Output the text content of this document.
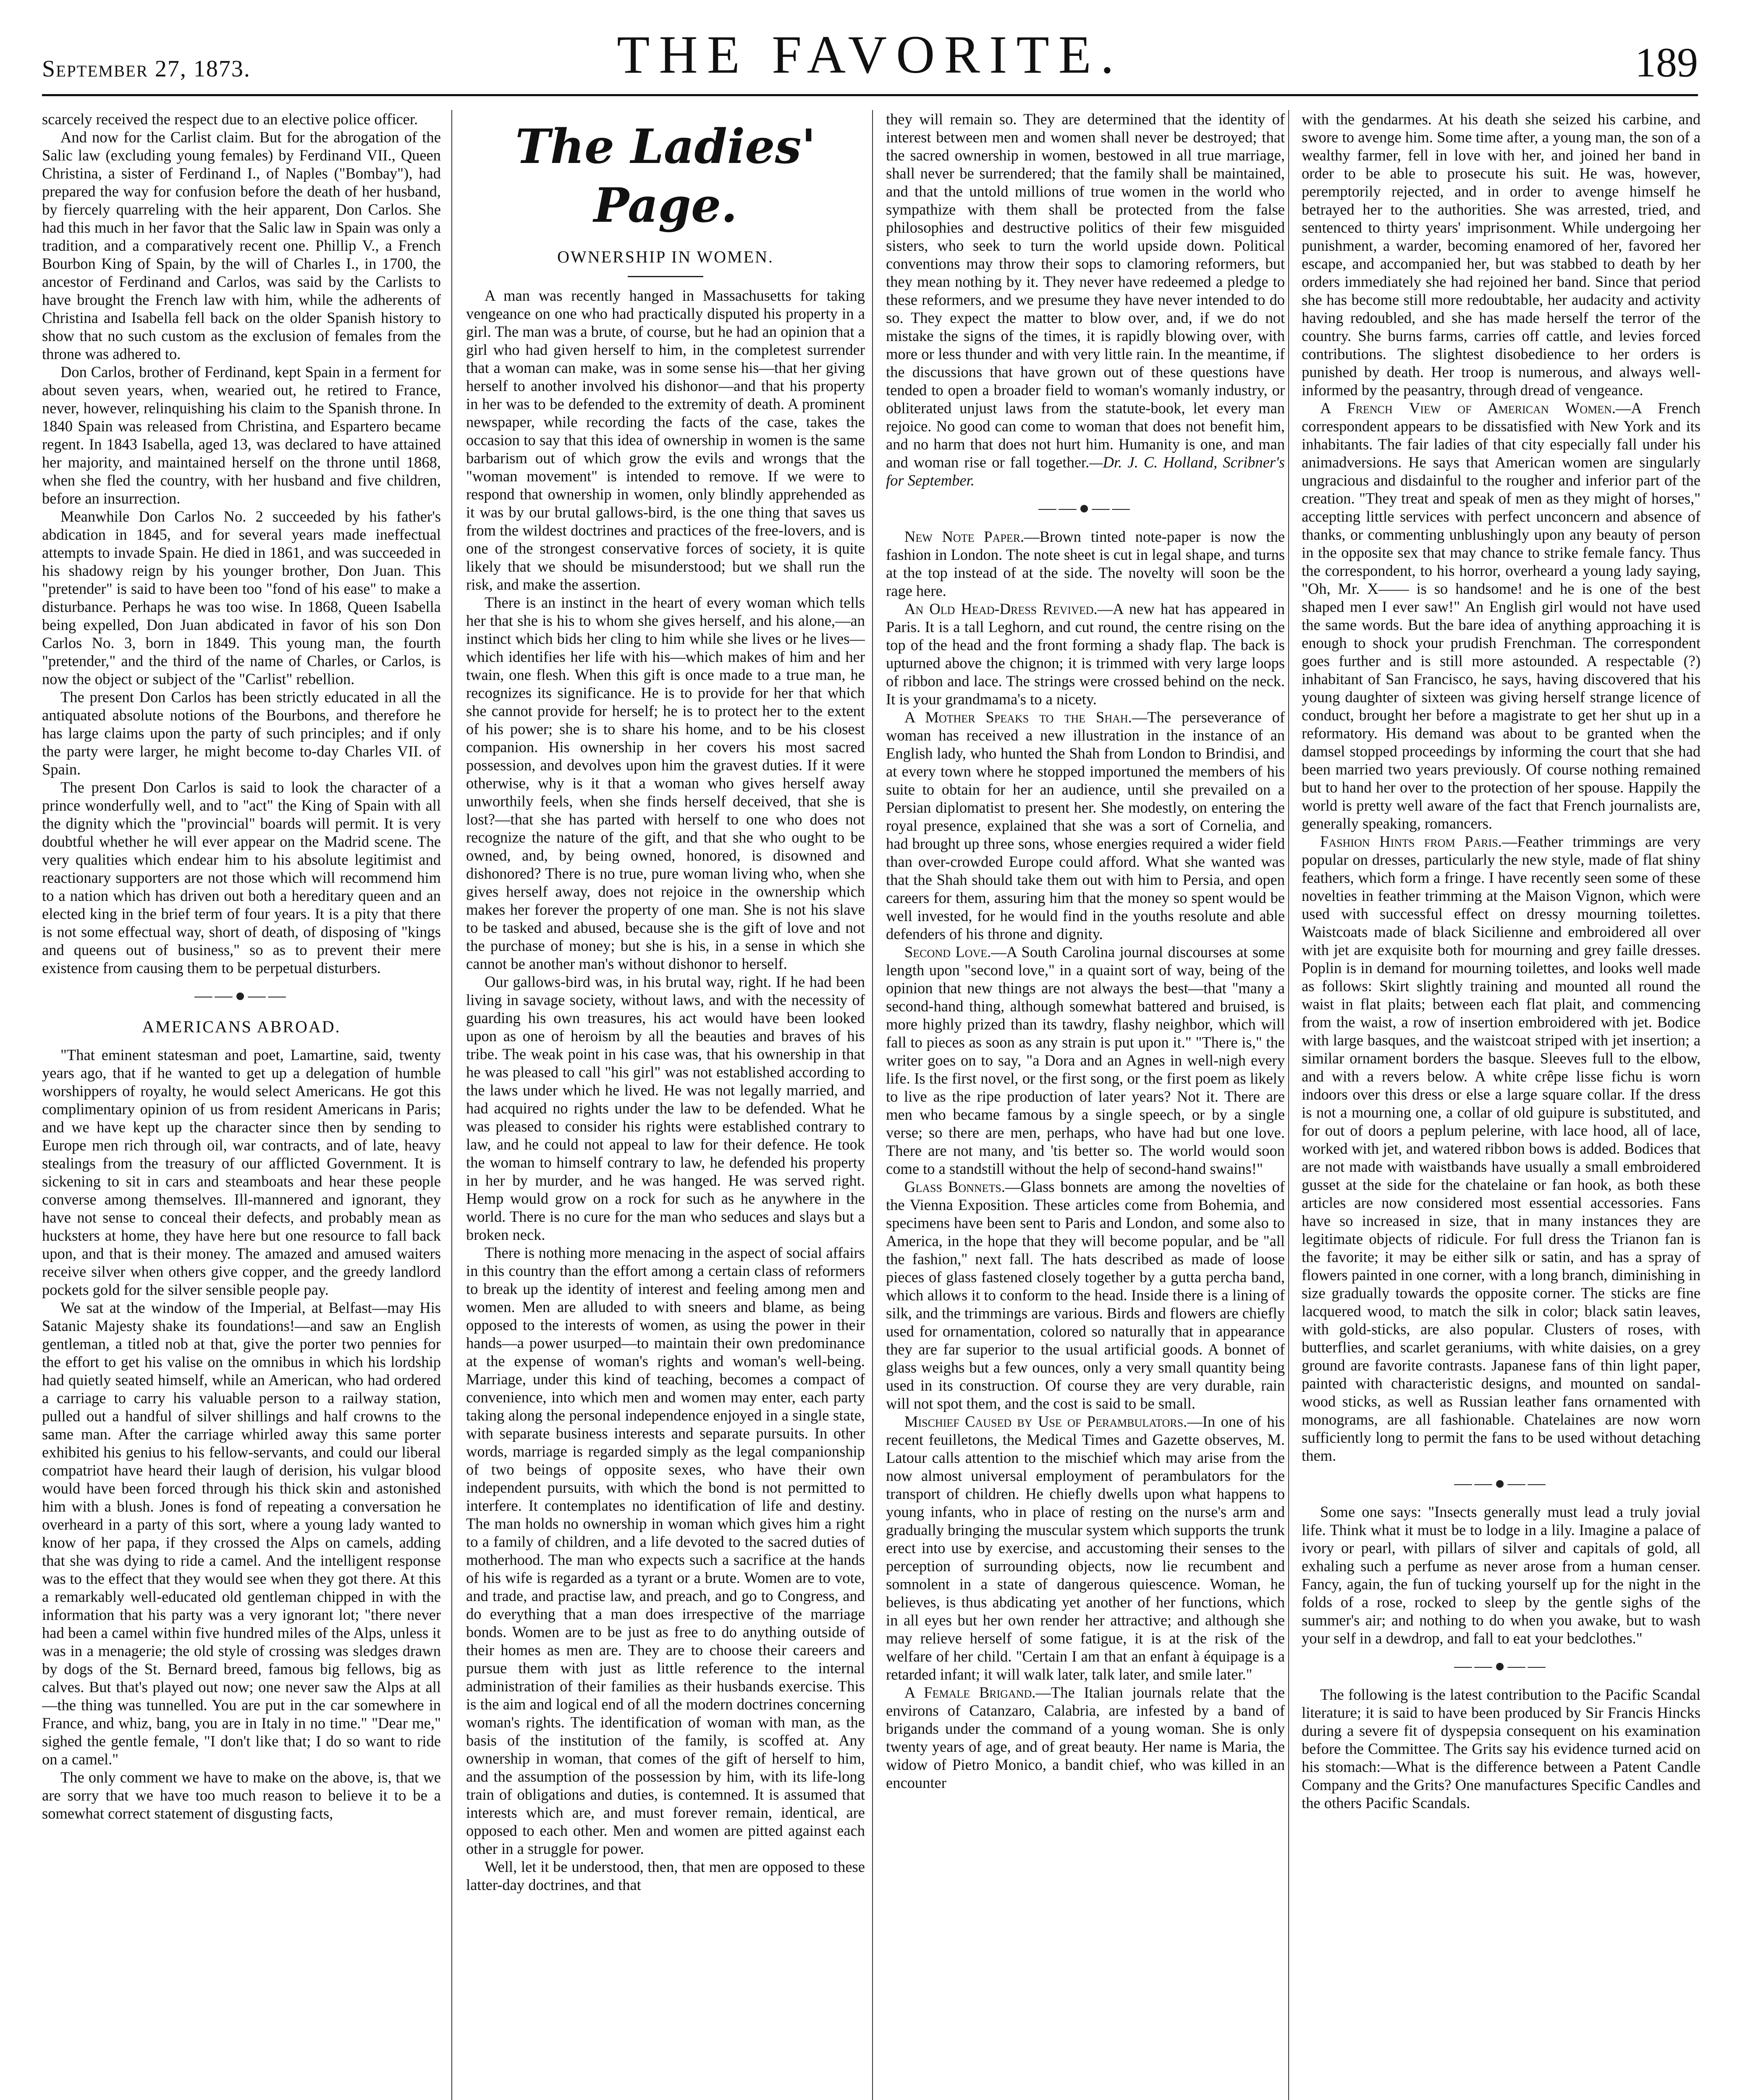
September 27, 1873.	THE FAVORITE.	189

scarcely received the respect due to an elective police officer.

And now for the Carlist claim. But for the abrogation of the Salic law (excluding young females) by Ferdinand VII., Queen Christina, a sister of Ferdinand I., of Naples ("Bombay"), had prepared the way for confusion before the death of her husband, by fiercely quarreling with the heir apparent, Don Carlos. She had this much in her favor that the Salic law in Spain was only a tradition, and a comparatively recent one. Phillip V., a French Bourbon King of Spain, by the will of Charles I., in 1700, the ancestor of Ferdinand and Carlos, was said by the Carlists to have brought the French law with him, while the adherents of Christina and Isabella fell back on the older Spanish history to show that no such custom as the exclusion of females from the throne was adhered to.

Don Carlos, brother of Ferdinand, kept Spain in a ferment for about seven years, when, wearied out, he retired to France, never, however, relinquishing his claim to the Spanish throne. In 1840 Spain was released from Christina, and Espartero became regent. In 1843 Isabella, aged 13, was declared to have attained her majority, and maintained herself on the throne until 1868, when she fled the country, with her husband and five children, before an insurrection.

Meanwhile Don Carlos No. 2 succeeded by his father's abdication in 1845, and for several years made ineffectual attempts to invade Spain. He died in 1861, and was succeeded in his shadowy reign by his younger brother, Don Juan. This "pretender" is said to have been too "fond of his ease" to make a disturbance. Perhaps he was too wise. In 1868, Queen Isabella being expelled, Don Juan abdicated in favor of his son Don Carlos No. 3, born in 1849. This young man, the fourth "pretender," and the third of the name of Charles, or Carlos, is now the object or subject of the "Carlist" rebellion.

The present Don Carlos has been strictly educated in all the antiquated absolute notions of the Bourbons, and therefore he has large claims upon the party of such principles; and if only the party were larger, he might become to-day Charles VII. of Spain.

The present Don Carlos is said to look the character of a prince wonderfully well, and to "act" the King of Spain with all the dignity which the "provincial" boards will permit. It is very doubtful whether he will ever appear on the Madrid scene. The very qualities which endear him to his absolute legitimist and reactionary supporters are not those which will recommend him to a nation which has driven out both a hereditary queen and an elected king in the brief term of four years. It is a pity that there is not some effectual way, short of death, of disposing of "kings and queens out of business," so as to prevent their mere existence from causing them to be perpetual disturbers.

——●——
AMERICANS ABROAD.

"That eminent statesman and poet, Lamartine, said, twenty years ago, that if he wanted to get up a delegation of humble worshippers of royalty, he would select Americans. He got this complimentary opinion of us from resident Americans in Paris; and we have kept up the character since then by sending to Europe men rich through oil, war contracts, and of late, heavy stealings from the treasury of our afflicted Government. It is sickening to sit in cars and steamboats and hear these people converse among themselves. Ill-mannered and ignorant, they have not sense to conceal their defects, and probably mean as hucksters at home, they have here but one resource to fall back upon, and that is their money. The amazed and amused waiters receive silver when others give copper, and the greedy landlord pockets gold for the silver sensible people pay.

We sat at the window of the Imperial, at Belfast—may His Satanic Majesty shake its foundations!—and saw an English gentleman, a titled nob at that, give the porter two pennies for the effort to get his valise on the omnibus in which his lordship had quietly seated himself, while an American, who had ordered a carriage to carry his valuable person to a railway station, pulled out a handful of silver shillings and half crowns to the same man. After the carriage whirled away this same porter exhibited his genius to his fellow-servants, and could our liberal compatriot have heard their laugh of derision, his vulgar blood would have been forced through his thick skin and astonished him with a blush. Jones is fond of repeating a conversation he overheard in a party of this sort, where a young lady wanted to know of her papa, if they crossed the Alps on camels, adding that she was dying to ride a camel. And the intelligent response was to the effect that they would see when they got there. At this a remarkably well-educated old gentleman chipped in with the information that his party was a very ignorant lot; "there never had been a camel within five hundred miles of the Alps, unless it was in a menagerie; the old style of crossing was sledges drawn by dogs of the St. Bernard breed, famous big fellows, big as calves. But that's played out now; one never saw the Alps at all—the thing was tunnelled. You are put in the car somewhere in France, and whiz, bang, you are in Italy in no time." "Dear me," sighed the gentle female, "I don't like that; I do so want to ride on a camel."

The only comment we have to make on the above, is, that we are sorry that we have too much reason to believe it to be a somewhat correct statement of disgusting facts,

The Ladies' Page.
OWNERSHIP IN WOMEN.

A man was recently hanged in Massachusetts for taking vengeance on one who had practically disputed his property in a girl. The man was a brute, of course, but he had an opinion that a girl who had given herself to him, in the completest surrender that a woman can make, was in some sense his—that her giving herself to another involved his dishonor—and that his property in her was to be defended to the extremity of death. A prominent newspaper, while recording the facts of the case, takes the occasion to say that this idea of ownership in women is the same barbarism out of which grow the evils and wrongs that the "woman movement" is intended to remove. If we were to respond that ownership in women, only blindly apprehended as it was by our brutal gallows-bird, is the one thing that saves us from the wildest doctrines and practices of the free-lovers, and is one of the strongest conservative forces of society, it is quite likely that we should be misunderstood; but we shall run the risk, and make the assertion.

There is an instinct in the heart of every woman which tells her that she is his to whom she gives herself, and his alone,—an instinct which bids her cling to him while she lives or he lives—which identifies her life with his—which makes of him and her twain, one flesh. When this gift is once made to a true man, he recognizes its significance. He is to provide for her that which she cannot provide for herself; he is to protect her to the extent of his power; she is to share his home, and to be his closest companion. His ownership in her covers his most sacred possession, and devolves upon him the gravest duties. If it were otherwise, why is it that a woman who gives herself away unworthily feels, when she finds herself deceived, that she is lost?—that she has parted with herself to one who does not recognize the nature of the gift, and that she who ought to be owned, and, by being owned, honored, is disowned and dishonored? There is no true, pure woman living who, when she gives herself away, does not rejoice in the ownership which makes her forever the property of one man. She is not his slave to be tasked and abused, because she is the gift of love and not the purchase of money; but she is his, in a sense in which she cannot be another man's without dishonor to herself.

Our gallows-bird was, in his brutal way, right. If he had been living in savage society, without laws, and with the necessity of guarding his own treasures, his act would have been looked upon as one of heroism by all the beauties and braves of his tribe. The weak point in his case was, that his ownership in that he was pleased to call "his girl" was not established according to the laws under which he lived. He was not legally married, and had acquired no rights under the law to be defended. What he was pleased to consider his rights were established contrary to law, and he could not appeal to law for their defence. He took the woman to himself contrary to law, he defended his property in her by murder, and he was hanged. He was served right. Hemp would grow on a rock for such as he anywhere in the world. There is no cure for the man who seduces and slays but a broken neck.

There is nothing more menacing in the aspect of social affairs in this country than the effort among a certain class of reformers to break up the identity of interest and feeling among men and women. Men are alluded to with sneers and blame, as being opposed to the interests of women, as using the power in their hands—a power usurped—to maintain their own predominance at the expense of woman's rights and woman's well-being. Marriage, under this kind of teaching, becomes a compact of convenience, into which men and women may enter, each party taking along the personal independence enjoyed in a single state, with separate business interests and separate pursuits. In other words, marriage is regarded simply as the legal companionship of two beings of opposite sexes, who have their own independent pursuits, with which the bond is not permitted to interfere. It contemplates no identification of life and destiny. The man holds no ownership in woman which gives him a right to a family of children, and a life devoted to the sacred duties of motherhood. The man who expects such a sacrifice at the hands of his wife is regarded as a tyrant or a brute. Women are to vote, and trade, and practise law, and preach, and go to Congress, and do everything that a man does irrespective of the marriage bonds. Women are to be just as free to do anything outside of their homes as men are. They are to choose their careers and pursue them with just as little reference to the internal administration of their families as their husbands exercise. This is the aim and logical end of all the modern doctrines concerning woman's rights. The identification of woman with man, as the basis of the institution of the family, is scoffed at. Any ownership in woman, that comes of the gift of herself to him, and the assumption of the possession by him, with its life-long train of obligations and duties, is contemned. It is assumed that interests which are, and must forever remain, identical, are opposed to each other. Men and women are pitted against each other in a struggle for power.

Well, let it be understood, then, that men are opposed to these latter-day doctrines, and that

they will remain so. They are determined that the identity of interest between men and women shall never be destroyed; that the sacred ownership in women, bestowed in all true marriage, shall never be surrendered; that the family shall be maintained, and that the untold millions of true women in the world who sympathize with them shall be protected from the false philosophies and destructive politics of their few misguided sisters, who seek to turn the world upside down. Political conventions may throw their sops to clamoring reformers, but they mean nothing by it. They never have redeemed a pledge to these reformers, and we presume they have never intended to do so. They expect the matter to blow over, and, if we do not mistake the signs of the times, it is rapidly blowing over, with more or less thunder and with very little rain. In the meantime, if the discussions that have grown out of these questions have tended to open a broader field to woman's womanly industry, or obliterated unjust laws from the statute-book, let every man rejoice. No good can come to woman that does not benefit him, and no harm that does not hurt him. Humanity is one, and man and woman rise or fall together.—Dr. J. C. Holland, Scribner's for September.

——●——

New Note Paper.—Brown tinted note-paper is now the fashion in London. The note sheet is cut in legal shape, and turns at the top instead of at the side. The novelty will soon be the rage here.

An Old Head-Dress Revived.—A new hat has appeared in Paris. It is a tall Leghorn, and cut round, the centre rising on the top of the head and the front forming a shady flap. The back is upturned above the chignon; it is trimmed with very large loops of ribbon and lace. The strings were crossed behind on the neck. It is your grandmama's to a nicety.

A Mother Speaks to the Shah.—The perseverance of woman has received a new illustration in the instance of an English lady, who hunted the Shah from London to Brindisi, and at every town where he stopped importuned the members of his suite to obtain for her an audience, until she prevailed on a Persian diplomatist to present her. She modestly, on entering the royal presence, explained that she was a sort of Cornelia, and had brought up three sons, whose energies required a wider field than over-crowded Europe could afford. What she wanted was that the Shah should take them out with him to Persia, and open careers for them, assuring him that the money so spent would be well invested, for he would find in the youths resolute and able defenders of his throne and dignity.

Second Love.—A South Carolina journal discourses at some length upon "second love," in a quaint sort of way, being of the opinion that new things are not always the best—that "many a second-hand thing, although somewhat battered and bruised, is more highly prized than its tawdry, flashy neighbor, which will fall to pieces as soon as any strain is put upon it." "There is," the writer goes on to say, "a Dora and an Agnes in well-nigh every life. Is the first novel, or the first song, or the first poem as likely to live as the ripe production of later years? Not it. There are men who became famous by a single speech, or by a single verse; so there are men, perhaps, who have had but one love. There are not many, and 'tis better so. The world would soon come to a standstill without the help of second-hand swains!"

Glass Bonnets.—Glass bonnets are among the novelties of the Vienna Exposition. These articles come from Bohemia, and specimens have been sent to Paris and London, and some also to America, in the hope that they will become popular, and be "all the fashion," next fall. The hats described as made of loose pieces of glass fastened closely together by a gutta percha band, which allows it to conform to the head. Inside there is a lining of silk, and the trimmings are various. Birds and flowers are chiefly used for ornamentation, colored so naturally that in appearance they are far superior to the usual artificial goods. A bonnet of glass weighs but a few ounces, only a very small quantity being used in its construction. Of course they are very durable, rain will not spot them, and the cost is said to be small.

Mischief Caused by Use of Perambulators.—In one of his recent feuilletons, the Medical Times and Gazette observes, M. Latour calls attention to the mischief which may arise from the now almost universal employment of perambulators for the transport of children. He chiefly dwells upon what happens to young infants, who in place of resting on the nurse's arm and gradually bringing the muscular system which supports the trunk erect into use by exercise, and accustoming their senses to the perception of surrounding objects, now lie recumbent and somnolent in a state of dangerous quiescence. Woman, he believes, is thus abdicating yet another of her functions, which in all eyes but her own render her attractive; and although she may relieve herself of some fatigue, it is at the risk of the welfare of her child. "Certain I am that an enfant à équipage is a retarded infant; it will walk later, talk later, and smile later."

A Female Brigand.—The Italian journals relate that the environs of Catanzaro, Calabria, are infested by a band of brigands under the command of a young woman. She is only twenty years of age, and of great beauty. Her name is Maria, the widow of Pietro Monico, a bandit chief, who was killed in an encounter

with the gendarmes. At his death she seized his carbine, and swore to avenge him. Some time after, a young man, the son of a wealthy farmer, fell in love with her, and joined her band in order to be able to prosecute his suit. He was, however, peremptorily rejected, and in order to avenge himself he betrayed her to the authorities. She was arrested, tried, and sentenced to thirty years' imprisonment. While undergoing her punishment, a warder, becoming enamored of her, favored her escape, and accompanied her, but was stabbed to death by her orders immediately she had rejoined her band. Since that period she has become still more redoubtable, her audacity and activity having redoubled, and she has made herself the terror of the country. She burns farms, carries off cattle, and levies forced contributions. The slightest disobedience to her orders is punished by death. Her troop is numerous, and always well-informed by the peasantry, through dread of vengeance.

A French View of American Women.—A French correspondent appears to be dissatisfied with New York and its inhabitants. The fair ladies of that city especially fall under his animadversions. He says that American women are singularly ungracious and disdainful to the rougher and inferior part of the creation. "They treat and speak of men as they might of horses," accepting little services with perfect unconcern and absence of thanks, or commenting unblushingly upon any beauty of person in the opposite sex that may chance to strike female fancy. Thus the correspondent, to his horror, overheard a young lady saying, "Oh, Mr. X—— is so handsome! and he is one of the best shaped men I ever saw!" An English girl would not have used the same words. But the bare idea of anything approaching it is enough to shock your prudish Frenchman. The correspondent goes further and is still more astounded. A respectable (?) inhabitant of San Francisco, he says, having discovered that his young daughter of sixteen was giving herself strange licence of conduct, brought her before a magistrate to get her shut up in a reformatory. His demand was about to be granted when the damsel stopped proceedings by informing the court that she had been married two years previously. Of course nothing remained but to hand her over to the protection of her spouse. Happily the world is pretty well aware of the fact that French journalists are, generally speaking, romancers.

Fashion Hints from Paris.—Feather trimmings are very popular on dresses, particularly the new style, made of flat shiny feathers, which form a fringe. I have recently seen some of these novelties in feather trimming at the Maison Vignon, which were used with successful effect on dressy mourning toilettes. Waistcoats made of black Sicilienne and embroidered all over with jet are exquisite both for mourning and grey faille dresses. Poplin is in demand for mourning toilettes, and looks well made as follows: Skirt slightly training and mounted all round the waist in flat plaits; between each flat plait, and commencing from the waist, a row of insertion embroidered with jet. Bodice with large basques, and the waistcoat striped with jet insertion; a similar ornament borders the basque. Sleeves full to the elbow, and with a revers below. A white crêpe lisse fichu is worn indoors over this dress or else a large square collar. If the dress is not a mourning one, a collar of old guipure is substituted, and for out of doors a peplum pelerine, with lace hood, all of lace, worked with jet, and watered ribbon bows is added. Bodices that are not made with waistbands have usually a small embroidered gusset at the side for the chatelaine or fan hook, as both these articles are now considered most essential accessories. Fans have so increased in size, that in many instances they are legitimate objects of ridicule. For full dress the Trianon fan is the favorite; it may be either silk or satin, and has a spray of flowers painted in one corner, with a long branch, diminishing in size gradually towards the opposite corner. The sticks are fine lacquered wood, to match the silk in color; black satin leaves, with gold-sticks, are also popular. Clusters of roses, with butterflies, and scarlet geraniums, with white daisies, on a grey ground are favorite contrasts. Japanese fans of thin light paper, painted with characteristic designs, and mounted on sandal-wood sticks, as well as Russian leather fans ornamented with monograms, are all fashionable. Chatelaines are now worn sufficiently long to permit the fans to be used without detaching them.

——●——

Some one says: "Insects generally must lead a truly jovial life. Think what it must be to lodge in a lily. Imagine a palace of ivory or pearl, with pillars of silver and capitals of gold, all exhaling such a perfume as never arose from a human censer. Fancy, again, the fun of tucking yourself up for the night in the folds of a rose, rocked to sleep by the gentle sighs of the summer's air; and nothing to do when you awake, but to wash your self in a dewdrop, and fall to eat your bedclothes."

——●——

The following is the latest contribution to the Pacific Scandal literature; it is said to have been produced by Sir Francis Hincks during a severe fit of dyspepsia consequent on his examination before the Committee. The Grits say his evidence turned acid on his stomach:—What is the difference between a Patent Candle Company and the Grits? One manufactures Specific Candles and the others Pacific Scandals.
